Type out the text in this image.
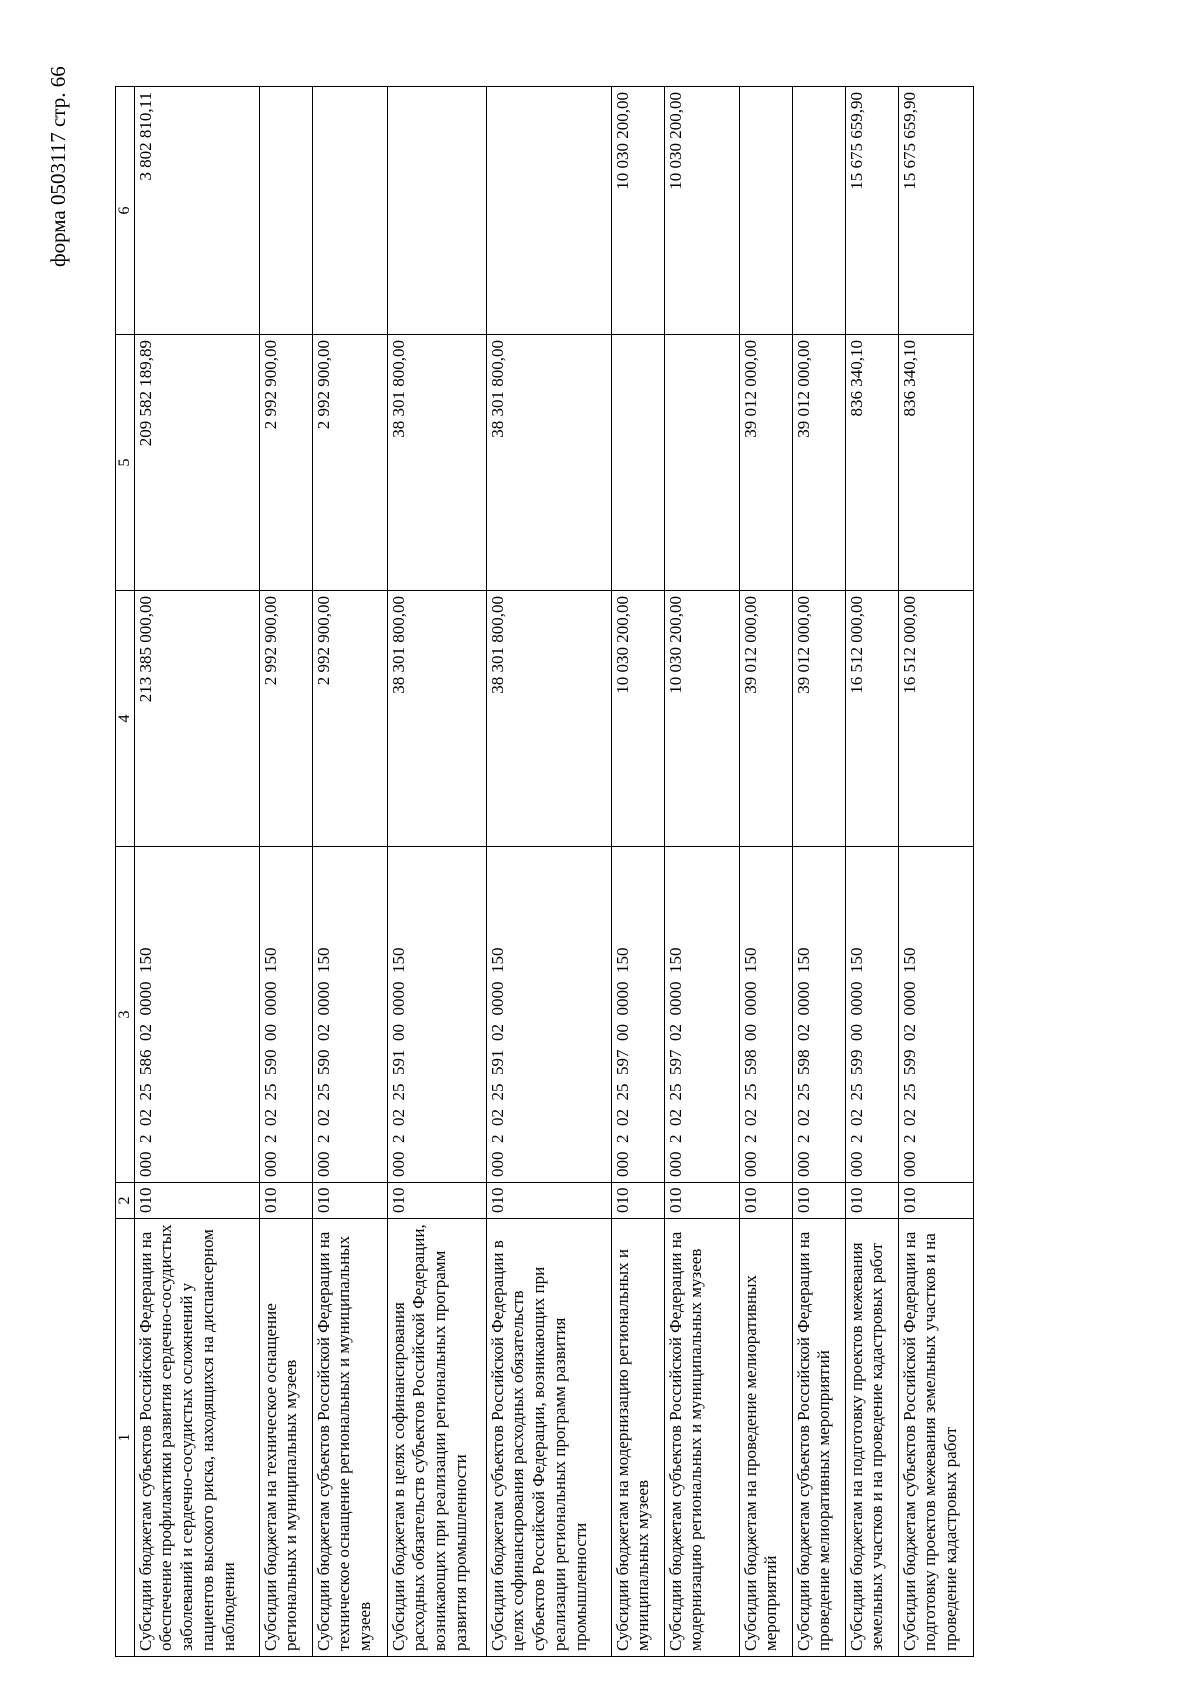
форма 0503117 стр. 66
1	2	3	4	5	6
Субсидии бюджетам субъектов Российской Федерации на обеспечение профилактики развития сердечно-сосудистых заболеваний и сердечно-сосудистых осложнений у пациентов высокого риска, находящихся на диспансерном наблюдении	010	000  2  02  25  586  02  0000  150	213 385 000,00	209 582 189,89	3 802 810,11
Субсидии бюджетам на техническое оснащение региональных и муниципальных музеев	010	000  2  02  25  590  00  0000  150	2 992 900,00	2 992 900,00	
Субсидии бюджетам субъектов Российской Федерации на техническое оснащение региональных и муниципальных музеев	010	000  2  02  25  590  02  0000  150	2 992 900,00	2 992 900,00	
Субсидии бюджетам в целях софинансирования расходных обязательств субъектов Российской Федерации, возникающих при реализации региональных программ развития промышленности	010	000  2  02  25  591  00  0000  150	38 301 800,00	38 301 800,00	
Субсидии бюджетам субъектов Российской Федерации в целях софинансирования расходных обязательств субъектов Российской Федерации, возникающих при реализации региональных программ развития промышленности	010	000  2  02  25  591  02  0000  150	38 301 800,00	38 301 800,00	
Субсидии бюджетам на модернизацию региональных и муниципальных музеев	010	000  2  02  25  597  00  0000  150	10 030 200,00		10 030 200,00
Субсидии бюджетам субъектов Российской Федерации на модернизацию региональных и муниципальных музеев	010	000  2  02  25  597  02  0000  150	10 030 200,00		10 030 200,00
Субсидии бюджетам на проведение мелиоративных мероприятий	010	000  2  02  25  598  00  0000  150	39 012 000,00	39 012 000,00	
Субсидии бюджетам субъектов Российской Федерации на проведение мелиоративных мероприятий	010	000  2  02  25  598  02  0000  150	39 012 000,00	39 012 000,00	
Субсидии бюджетам на подготовку проектов межевания земельных участков и на проведение кадастровых работ	010	000  2  02  25  599  00  0000  150	16 512 000,00	836 340,10	15 675 659,90
Субсидии бюджетам субъектов Российской Федерации на подготовку проектов межевания земельных участков и на проведение кадастровых работ	010	000  2  02  25  599  02  0000  150	16 512 000,00	836 340,10	15 675 659,90
